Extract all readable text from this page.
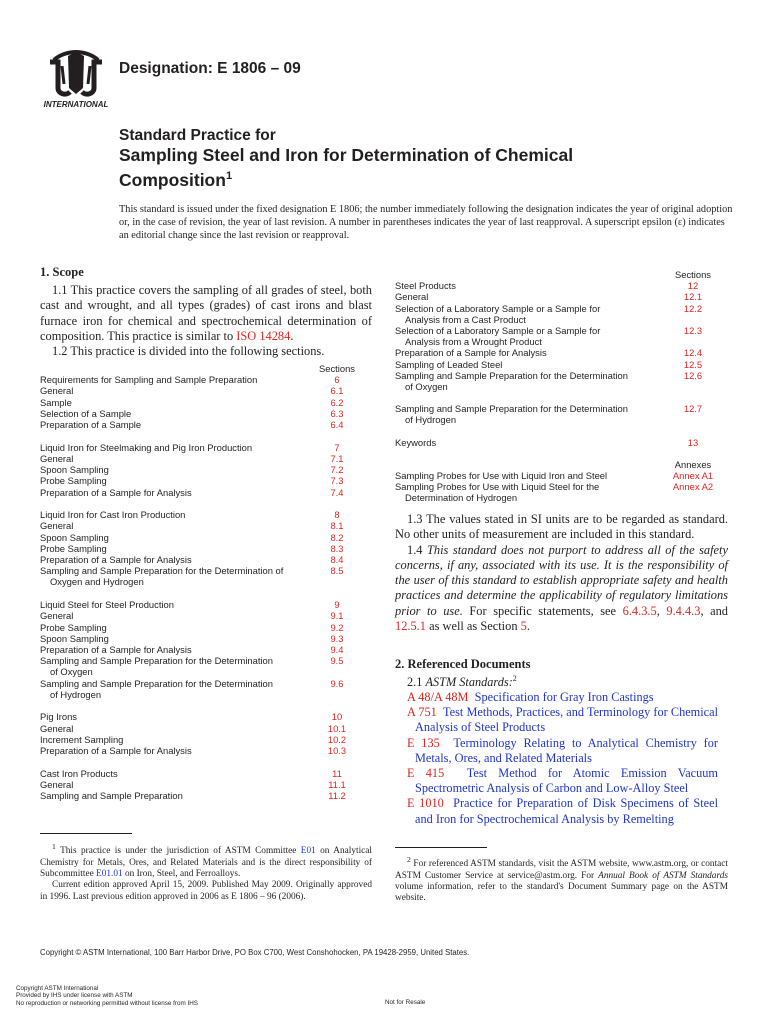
INTERNATIONAL
Designation: E 1806 – 09
Standard Practice for
Sampling Steel and Iron for Determination of Chemical
Composition$^1$
This standard is issued under the fixed designation E 1806; the number immediately following the designation indicates the year of original adoption or, in the case of revision, the year of last revision. A number in parentheses indicates the year of last reapproval. A superscript epsilon (ε) indicates an editorial change since the last revision or reapproval.
1. Scope

1.1 This practice covers the sampling of all grades of steel, both cast and wrought, and all types (grades) of cast irons and blast furnace iron for chemical and spectrochemical determination of composition. This practice is similar to ISO 14284.

1.2 This practice is divided into the following sections.

Sections

Requirements for Sampling and Sample Preparation	6
General	6.1
Sample	6.2
Selection of a Sample	6.3
Preparation of a Sample	6.4
Liquid Iron for Steelmaking and Pig Iron Production	7
General	7.1
Spoon Sampling	7.2
Probe Sampling	7.3
Preparation of a Sample for Analysis	7.4
Liquid Iron for Cast Iron Production	8
General	8.1
Spoon Sampling	8.2
Probe Sampling	8.3
Preparation of a Sample for Analysis	8.4
Sampling and Sample Preparation for the Determination of	8.5
Oxygen and Hydrogen
Liquid Steel for Steel Production	9
General	9.1
Probe Sampling	9.2
Spoon Sampling	9.3
Preparation of a Sample for Analysis	9.4
Sampling and Sample Preparation for the Determination	9.5
of Oxygen
Sampling and Sample Preparation for the Determination	9.6
of Hydrogen
Pig Irons	10
General	10.1
Increment Sampling	10.2
Preparation of a Sample for Analysis	10.3
Cast Iron Products	11
General	11.1
Sampling and Sample Preparation	11.2

$^1$ This practice is under the jurisdiction of ASTM Committee E01 on Analytical Chemistry for Metals, Ores, and Related Materials and is the direct responsibility of Subcommittee E01.01 on Iron, Steel, and Ferroalloys.

Current edition approved April 15, 2009. Published May 2009. Originally approved in 1996. Last previous edition approved in 2006 as E 1806 – 96 (2006).

Sections

Steel Products	12
General	12.1
Selection of a Laboratory Sample or a Sample for	12.2
Analysis from a Cast Product
Selection of a Laboratory Sample or a Sample for	12.3
Analysis from a Wrought Product
Preparation of a Sample for Analysis	12.4
Sampling of Leaded Steel	12.5
Sampling and Sample Preparation for the Determination	12.6
of Oxygen
Sampling and Sample Preparation for the Determination	12.7
of Hydrogen
Keywords	13

Annexes
Sampling Probes for Use with Liquid Iron and Steel	Annex A1
Sampling Probes for Use with Liquid Steel for the	Annex A2
Determination of Hydrogen

1.3 The values stated in SI units are to be regarded as standard. No other units of measurement are included in this standard.

1.4 This standard does not purport to address all of the safety concerns, if any, associated with its use. It is the responsibility of the user of this standard to establish appropriate safety and health practices and determine the applicability of regulatory limitations prior to use. For specific statements, see 6.4.3.5, 9.4.4.3, and 12.5.1 as well as Section 5.

2. Referenced Documents
2.1 ASTM Standards:$^2$
A 48/A 48M Specification for Gray Iron Castings
A 751 Test Methods, Practices, and Terminology for Chemical Analysis of Steel Products
E 135 Terminology Relating to Analytical Chemistry for Metals, Ores, and Related Materials
E 415 Test Method for Atomic Emission Vacuum Spectrometric Analysis of Carbon and Low-Alloy Steel
E 1010 Practice for Preparation of Disk Specimens of Steel and Iron for Spectrochemical Analysis by Remelting

$^2$ For referenced ASTM standards, visit the ASTM website, www.astm.org, or contact ASTM Customer Service at service@astm.org. For Annual Book of ASTM Standards volume information, refer to the standard's Document Summary page on the ASTM website.

Copyright © ASTM International, 100 Barr Harbor Drive, PO Box C700, West Conshohocken, PA 19428-2959, United States.
Copyright ASTM International
Provided by IHS under license with ASTM
No reproduction or networking permitted without license from IHS	Not for Resale
